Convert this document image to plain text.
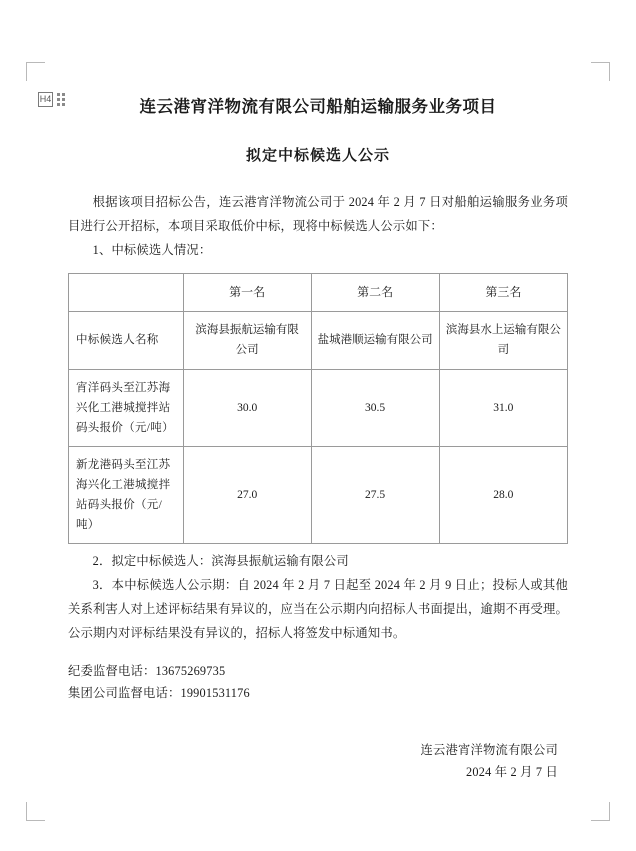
H4	连云港宵洋物流有限公司船舶运输服务业务项目
拟定中标候选人公示

根据该项目招标公告，连云港宵洋物流公司于 2024 年 2 月 7 日对船舶运输服务业务项目进行公开招标，本项目采取低价中标，现将中标候选人公示如下：

1、中标候选人情况：

	第一名	第二名	第三名
中标候选人名称	滨海县振航运输有限公司	盐城港顺运输有限公司	滨海县水上运输有限公司
宵洋码头至江苏海兴化工港城搅拌站码头报价（元/吨）	30.0	30.5	31.0
新龙港码头至江苏海兴化工港城搅拌站码头报价（元/吨）	27.0	27.5	28.0

2．拟定中标候选人：滨海县振航运输有限公司

3．本中标候选人公示期：自 2024 年 2 月 7 日起至 2024 年 2 月 9 日止；投标人或其他关系利害人对上述评标结果有异议的，应当在公示期内向招标人书面提出，逾期不再受理。公示期内对评标结果没有异议的，招标人将签发中标通知书。

纪委监督电话：13675269735
集团公司监督电话：19901531176
连云港宵洋物流有限公司
2024 年 2 月 7 日
